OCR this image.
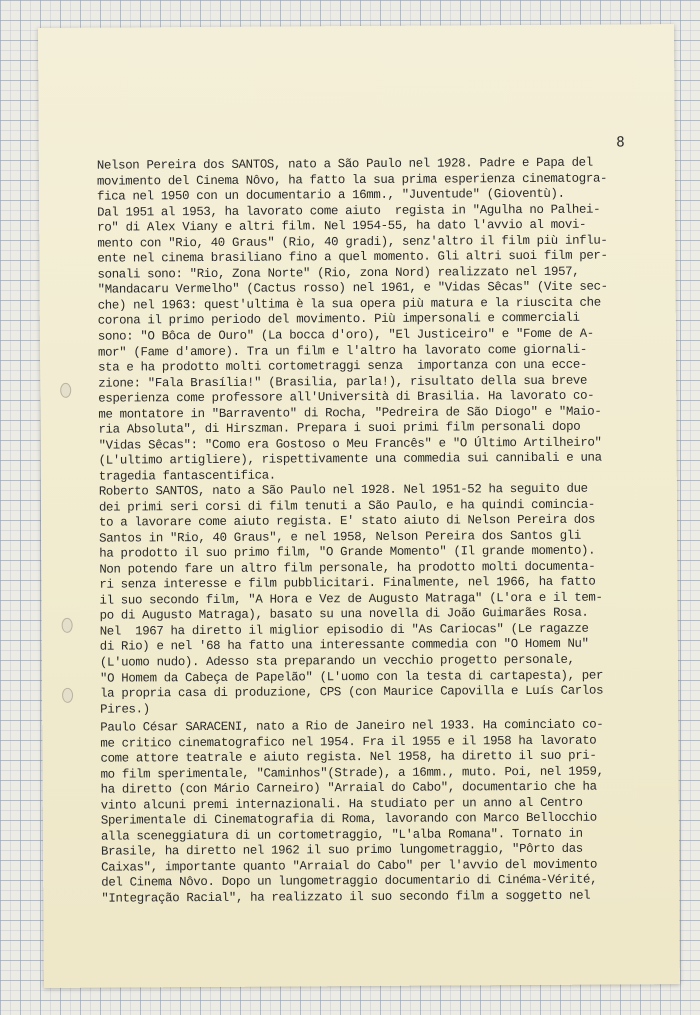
8
Nelson Pereira dos SANTOS, nato a São Paulo nel 1928. Padre e Papa del
movimento del Cinema Nôvo, ha fatto la sua prima esperienza cinematogra-
fica nel 1950 con un documentario a 16mm., "Juventude" (Gioventù).
Dal 1951 al 1953, ha lavorato come aiuto  regista in "Agulha no Palhei-
ro" di Alex Viany e altri film. Nel 1954-55, ha dato l'avvio al movi-
mento con "Rio, 40 Graus" (Rio, 40 gradi), senz'altro il film più influ-
ente nel cinema brasiliano fino a quel momento. Gli altri suoi film per-
sonali sono: "Rio, Zona Norte" (Rio, zona Nord) realizzato nel 1957,
"Mandacaru Vermelho" (Cactus rosso) nel 1961, e "Vidas Sêcas" (Vite sec-
che) nel 1963: quest'ultima è la sua opera più matura e la riuscita che
corona il primo periodo del movimento. Più impersonali e commerciali
sono: "O Bôca de Ouro" (La bocca d'oro), "El Justiceiro" e "Fome de A-
mor" (Fame d'amore). Tra un film e l'altro ha lavorato come giornali-
sta e ha prodotto molti cortometraggi senza  importanza con una ecce-
zione: "Fala Brasília!" (Brasilia, parla!), risultato della sua breve
esperienza come professore all'Università di Brasilia. Ha lavorato co-
me montatore in "Barravento" di Rocha, "Pedreira de São Diogo" e "Maio-
ria Absoluta", di Hirszman. Prepara i suoi primi film personali dopo
"Vidas Sêcas": "Como era Gostoso o Meu Francês" e "O Último Artilheiro"
(L'ultimo artigliere), rispettivamente una commedia sui cannibali e una
tragedia fantascentifica.
Roberto SANTOS, nato a São Paulo nel 1928. Nel 1951-52 ha seguito due
dei primi seri corsi di film tenuti a São Paulo, e ha quindi comincia-
to a lavorare come aiuto regista. E' stato aiuto di Nelson Pereira dos
Santos in "Rio, 40 Graus", e nel 1958, Nelson Pereira dos Santos gli
ha prodotto il suo primo film, "O Grande Momento" (Il grande momento).
Non potendo fare un altro film personale, ha prodotto molti documenta-
ri senza interesse e film pubblicitari. Finalmente, nel 1966, ha fatto
il suo secondo film, "A Hora e Vez de Augusto Matraga" (L'ora e il tem-
po di Augusto Matraga), basato su una novella di João Guimarães Rosa.
Nel  1967 ha diretto il miglior episodio di "As Cariocas" (Le ragazze
di Rio) e nel '68 ha fatto una interessante commedia con "O Homem Nu"
(L'uomo nudo). Adesso sta preparando un vecchio progetto personale,
"O Homem da Cabeça de Papelão" (L'uomo con la testa di cartapesta), per
la propria casa di produzione, CPS (con Maurice Capovilla e Luís Carlos
Pires.)
Paulo César SARACENI, nato a Rio de Janeiro nel 1933. Ha cominciato co-
me critico cinematografico nel 1954. Fra il 1955 e il 1958 ha lavorato
come attore teatrale e aiuto regista. Nel 1958, ha diretto il suo pri-
mo film sperimentale, "Caminhos"(Strade), a 16mm., muto. Poi, nel 1959,
ha diretto (con Mário Carneiro) "Arraial do Cabo", documentario che ha
vinto alcuni premi internazionali. Ha studiato per un anno al Centro
Sperimentale di Cinematografia di Roma, lavorando con Marco Bellocchio
alla sceneggiatura di un cortometraggio, "L'alba Romana". Tornato in
Brasile, ha diretto nel 1962 il suo primo lungometraggio, "Pôrto das
Caixas", importante quanto "Arraial do Cabo" per l'avvio del movimento
del Cinema Nôvo. Dopo un lungometraggio documentario di Cinéma-Vérité,
"Integração Racial", ha realizzato il suo secondo film a soggetto nel
